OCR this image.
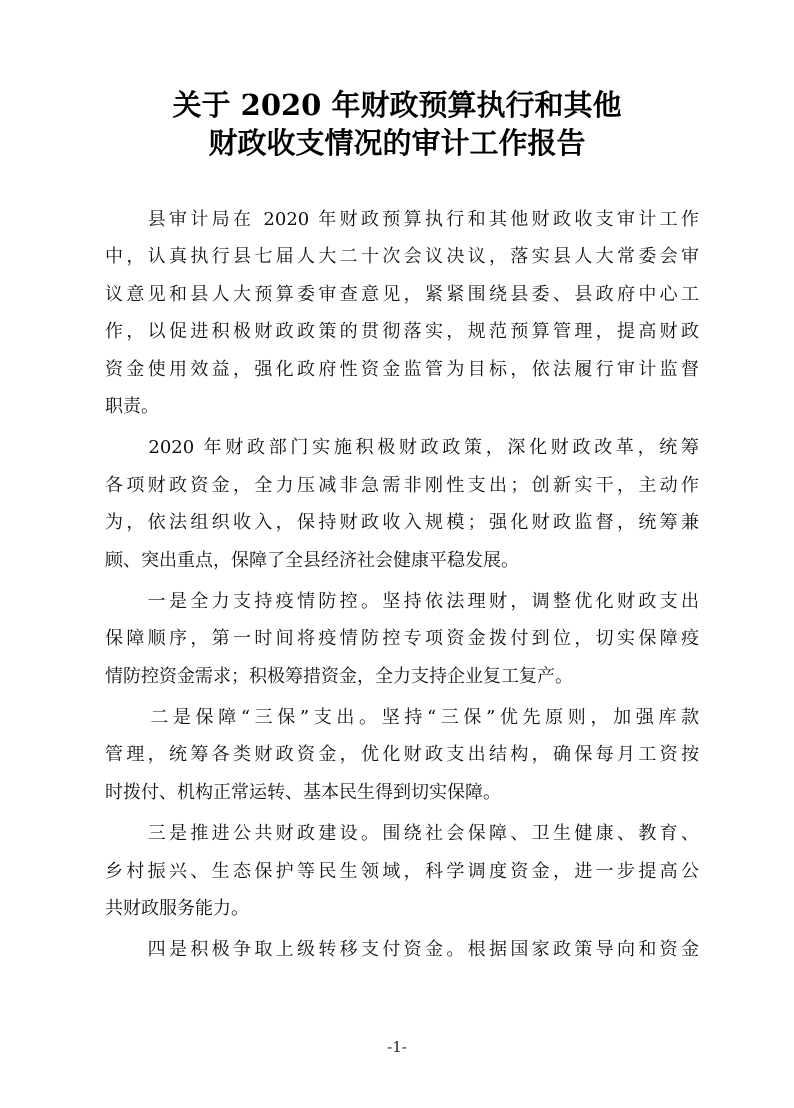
关于 2020 年财政预算执行和其他
财政收支情况的审计工作报告
　　县审计局在 2020 年财政预算执行和其他财政收支审计工作
中，认真执行县七届人大二十次会议决议，落实县人大常委会审
议意见和县人大预算委审查意见，紧紧围绕县委、县政府中心工
作，以促进积极财政政策的贯彻落实，规范预算管理，提高财政
资金使用效益，强化政府性资金监管为目标，依法履行审计监督
职责。
　　2020 年财政部门实施积极财政政策，深化财政改革，统筹
各项财政资金，全力压减非急需非刚性支出；创新实干，主动作
为，依法组织收入，保持财政收入规模；强化财政监督，统筹兼
顾、突出重点，保障了全县经济社会健康平稳发展。
　　一是全力支持疫情防控。坚持依法理财，调整优化财政支出
保障顺序，第一时间将疫情防控专项资金拨付到位，切实保障疫
情防控资金需求；积极筹措资金，全力支持企业复工复产。
　　二是保障“三保”支出。坚持“三保”优先原则，加强库款
管理，统筹各类财政资金，优化财政支出结构，确保每月工资按
时拨付、机构正常运转、基本民生得到切实保障。
　　三是推进公共财政建设。围绕社会保障、卫生健康、教育、
乡村振兴、生态保护等民生领域，科学调度资金，进一步提高公
共财政服务能力。
　　四是积极争取上级转移支付资金。根据国家政策导向和资金
-1-
